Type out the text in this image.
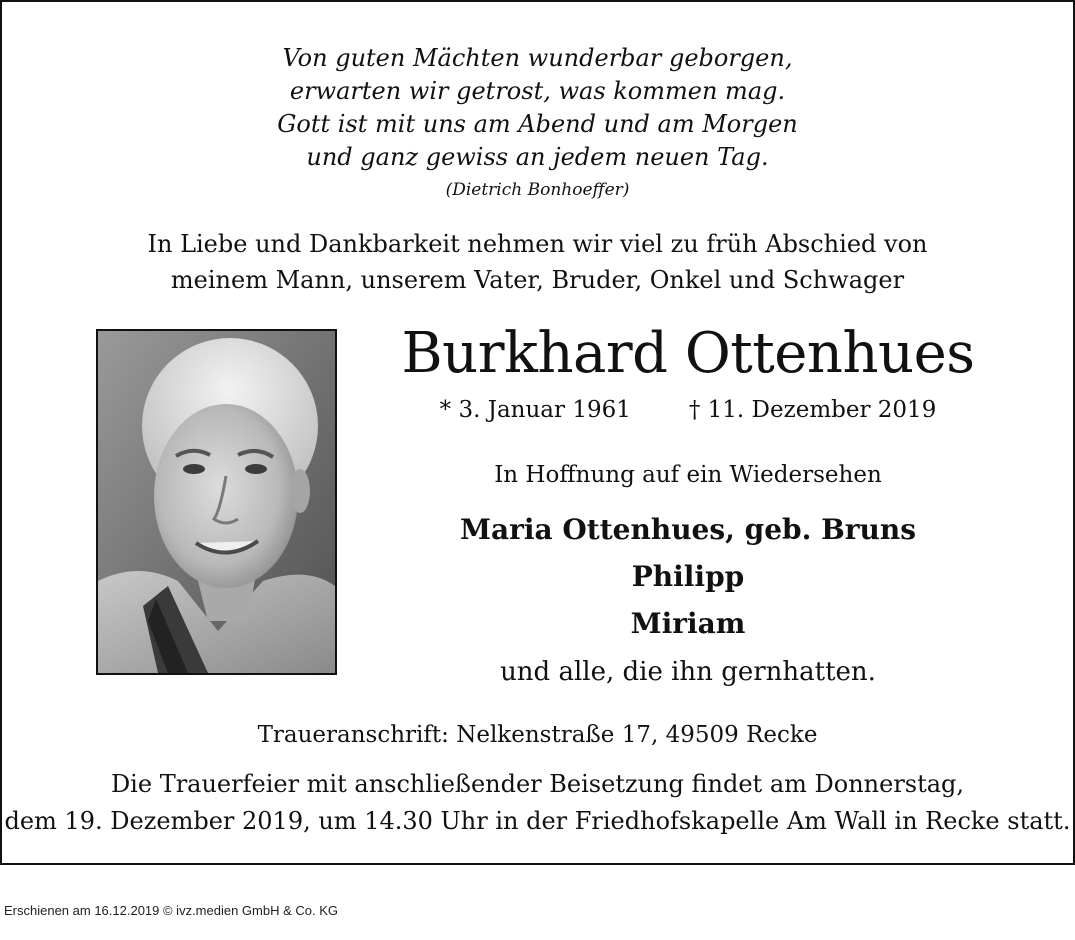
Von guten Mächten wunderbar geborgen,
erwarten wir getrost, was kommen mag.
Gott ist mit uns am Abend und am Morgen
und ganz gewiss an jedem neuen Tag.
(Dietrich Bonhoeffer)
In Liebe und Dankbarkeit nehmen wir viel zu früh Abschied von
meinem Mann, unserem Vater, Bruder, Onkel und Schwager
Burkhard Ottenhues
* 3. Januar 1961	† 11. Dezember 2019
In Hoffnung auf ein Wiedersehen
Maria Ottenhues, geb. Bruns
Philipp
Miriam
und alle, die ihn gernhatten.
Traueranschrift: Nelkenstraße 17, 49509 Recke
Die Trauerfeier mit anschließender Beisetzung findet am Donnerstag,
dem 19. Dezember 2019, um 14.30 Uhr in der Friedhofskapelle Am Wall in Recke statt.
Erschienen am 16.12.2019 © ivz.medien GmbH & Co. KG
